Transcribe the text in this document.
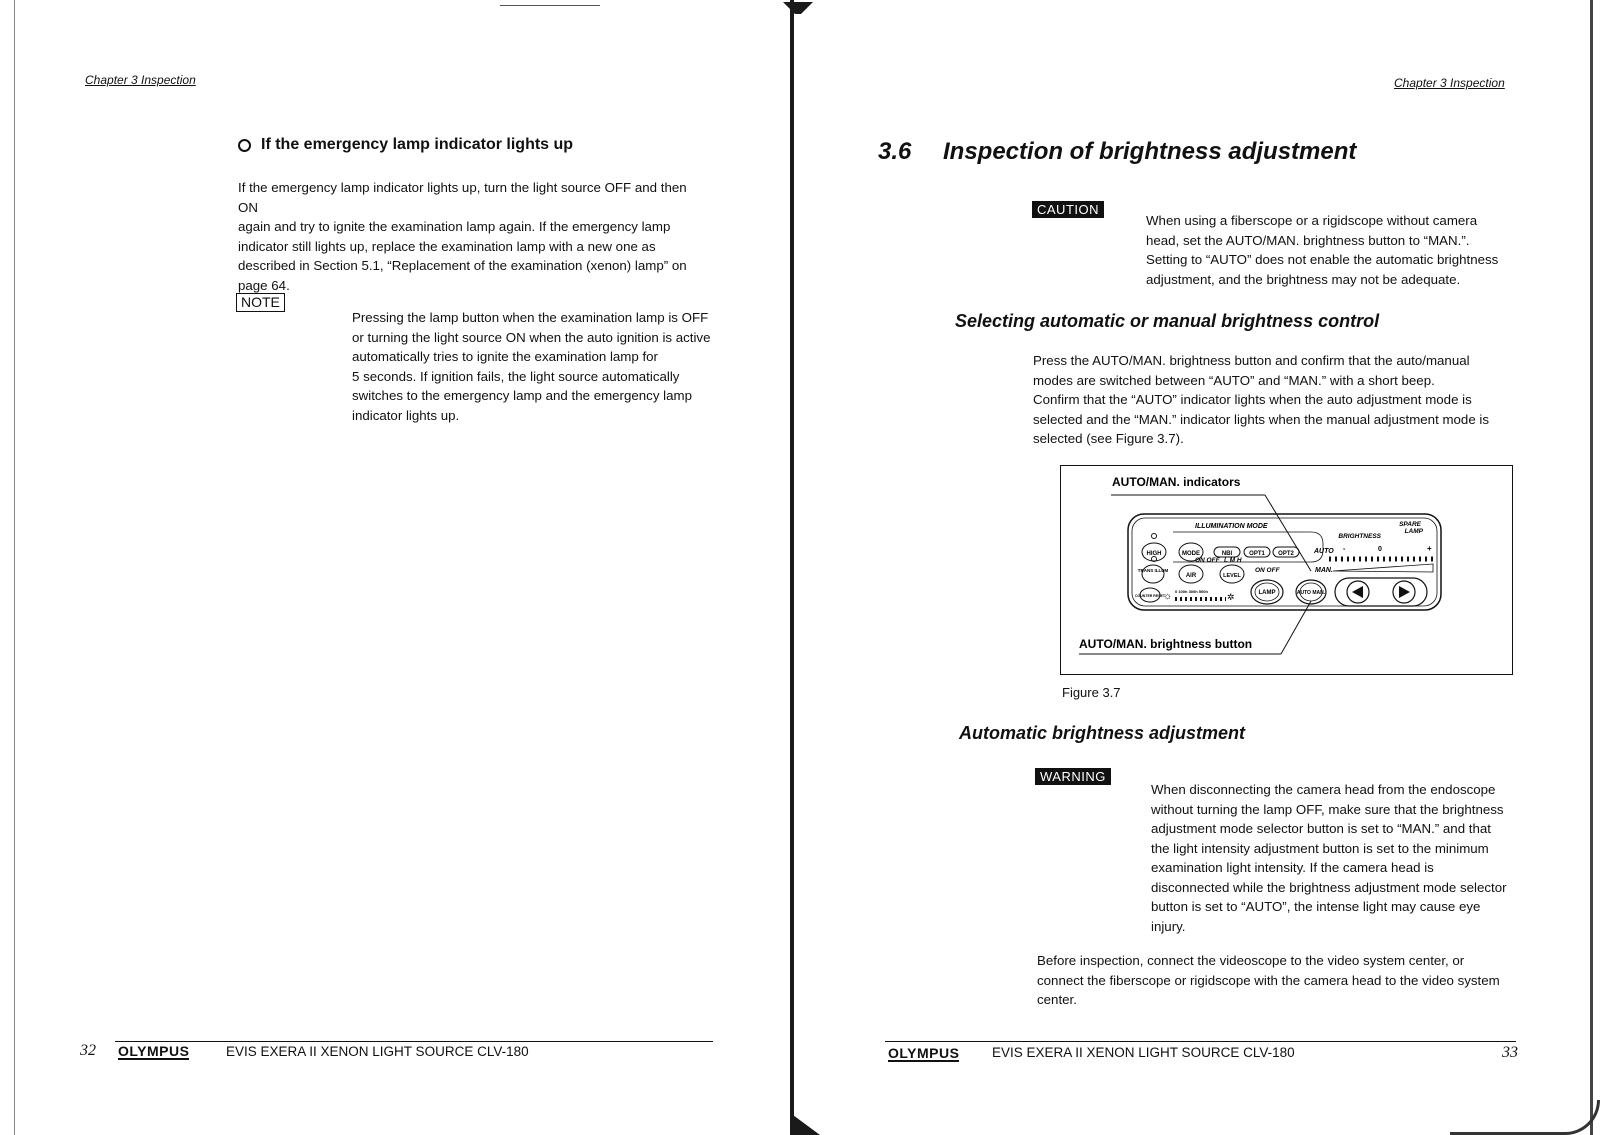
Chapter 3 Inspection
If the emergency lamp indicator lights up

If the emergency lamp indicator lights up, turn the light source OFF and then ON

again and try to ignite the examination lamp again. If the emergency lamp

indicator still lights up, replace the examination lamp with a new one as

described in Section 5.1, “Replacement of the examination (xenon) lamp” on

page 64.

NOTE

Pressing the lamp button when the examination lamp is OFF

or turning the light source ON when the auto ignition is active

automatically tries to ignite the examination lamp for

5 seconds. If ignition fails, the light source automatically

switches to the emergency lamp and the emergency lamp

indicator lights up.

32 OLYMPUS	EVIS EXERA II XENON LIGHT SOURCE CLV-180
Chapter 3 Inspection
3.6 Inspection of brightness adjustment
CAUTION

When using a fiberscope or a rigidscope without camera

head, set the AUTO/MAN. brightness button to “MAN.”.

Setting to “AUTO” does not enable the automatic brightness

adjustment, and the brightness may not be adequate.

Selecting automatic or manual brightness control

Press the AUTO/MAN. brightness button and confirm that the auto/manual

modes are switched between “AUTO” and “MAN.” with a short beep.

Confirm that the “AUTO” indicator lights when the auto adjustment mode is

selected and the “MAN.” indicator lights when the manual adjustment mode is

selected (see Figure 3.7).

AUTO/MAN. indicators
ILLUMINATION MODE
HIGH	MODE	NBI	OPT1 OPT2
SPARE
LAMP
BRIGHTNESS
AUTO -	0	+
MAN.
ON OFF L M H
ON OFF
TRANS ILLUM
AIR	LEVEL
COUNTER RESET
☼ 0 100h 300h 500h
✲	LAMP	AUTO MAN.
AUTO/MAN. brightness button
Figure 3.7
Automatic brightness adjustment
WARNING

When disconnecting the camera head from the endoscope

without turning the lamp OFF, make sure that the brightness

adjustment mode selector button is set to “MAN.” and that

the light intensity adjustment button is set to the minimum

examination light intensity. If the camera head is

disconnected while the brightness adjustment mode selector

button is set to “AUTO”, the intense light may cause eye

injury.

Before inspection, connect the videoscope to the video system center, or

connect the fiberscope or rigidscope with the camera head to the video system

center.

OLYMPUS EVIS EXERA II XENON LIGHT SOURCE CLV-180	33
